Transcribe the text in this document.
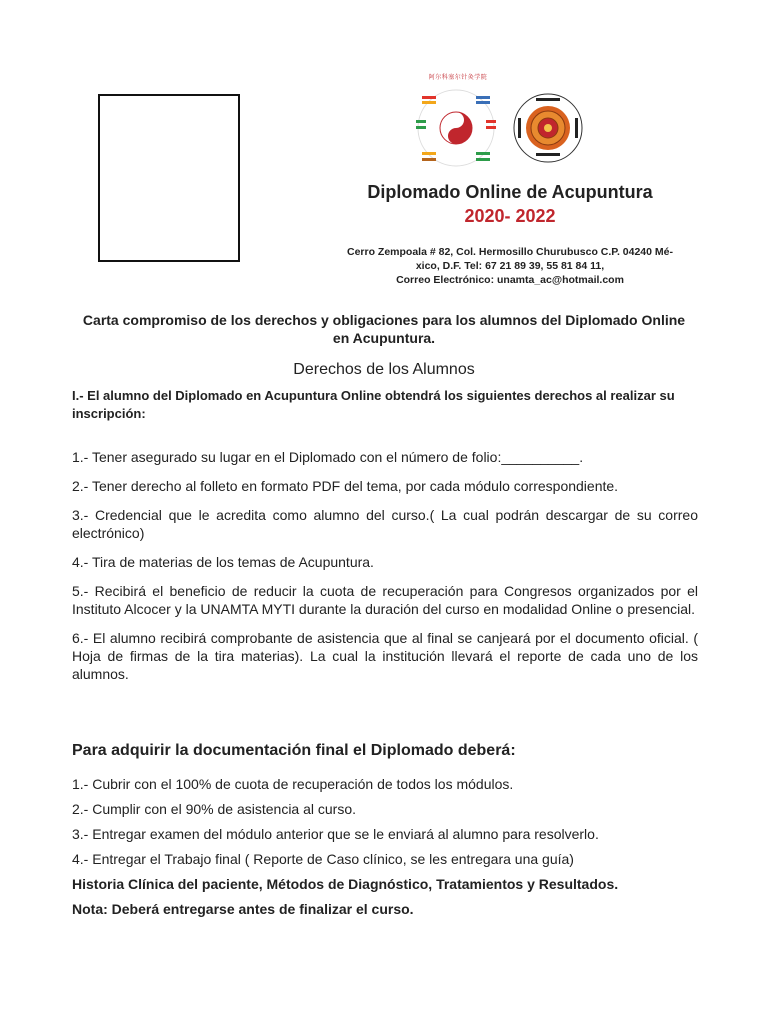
阿尔科塞尔针灸学院
Diplomado Online de Acupuntura
2020- 2022
Cerro Zempoala # 82, Col. Hermosillo Churubusco C.P. 04240 Mé-
xico, D.F. Tel: 67 21 89 39, 55 81 84 11,
Correo Electrónico: unamta_ac@hotmail.com
Carta compromiso de los derechos y obligaciones para los alumnos del Diplomado Online en Acupuntura.
Derechos de los Alumnos
I.- El alumno del Diplomado en Acupuntura Online obtendrá los siguientes derechos al realizar su inscripción:
1.- Tener asegurado su lugar en el Diplomado con el número de folio:__________.
2.- Tener derecho al folleto en formato PDF del tema, por cada módulo correspondiente.
3.- Credencial que le acredita como alumno del curso.( La cual podrán descargar de su correo electrónico)
4.- Tira de materias de los temas de Acupuntura.
5.- Recibirá el beneficio de reducir la cuota de recuperación para Congresos organizados por el Instituto Alcocer y la UNAMTA MYTI durante la duración del curso en modalidad Online o presencial.
6.- El alumno recibirá comprobante de asistencia que al final se canjeará por el documento oficial. ( Hoja de firmas de la tira materias). La cual la institución llevará el reporte de cada uno de los alumnos.
Para adquirir la documentación final el Diplomado deberá:
1.- Cubrir con el 100% de cuota de recuperación de todos los módulos.
2.- Cumplir con el 90% de asistencia al curso.
3.- Entregar examen del módulo anterior que se le enviará al alumno para resolverlo.
4.- Entregar el Trabajo final ( Reporte de Caso clínico, se les entregara una guía)
Historia Clínica del paciente, Métodos de Diagnóstico, Tratamientos y Resultados.
Nota: Deberá entregarse antes de finalizar el curso.
